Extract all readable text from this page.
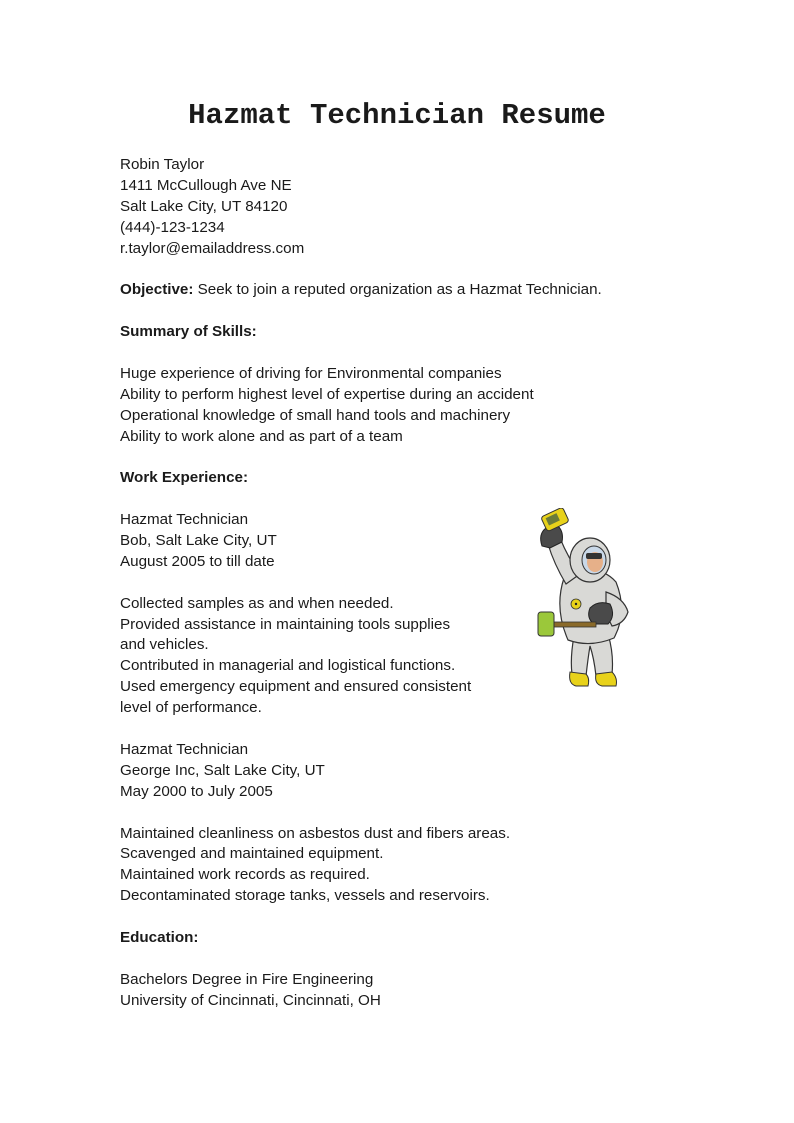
Hazmat Technician Resume
Robin Taylor
1411 McCullough Ave NE
Salt Lake City, UT 84120
(444)-123-1234
r.taylor@emailaddress.com
Objective: Seek to join a reputed organization as a Hazmat Technician.
Summary of Skills:
Huge experience of driving for Environmental companies
Ability to perform highest level of expertise during an accident
Operational knowledge of small hand tools and machinery
Ability to work alone and as part of a team
Work Experience:
Hazmat Technician
Bob, Salt Lake City, UT
August 2005 to till date
Collected samples as and when needed.
Provided assistance in maintaining tools supplies
and vehicles.
Contributed in managerial and logistical functions.
Used emergency equipment and ensured consistent
level of performance.
Hazmat Technician
George Inc, Salt Lake City, UT
May 2000 to July 2005
Maintained cleanliness on asbestos dust and fibers areas.
Scavenged and maintained equipment.
Maintained work records as required.
Decontaminated storage tanks, vessels and reservoirs.
Education:
Bachelors Degree in Fire Engineering
University of Cincinnati, Cincinnati, OH
